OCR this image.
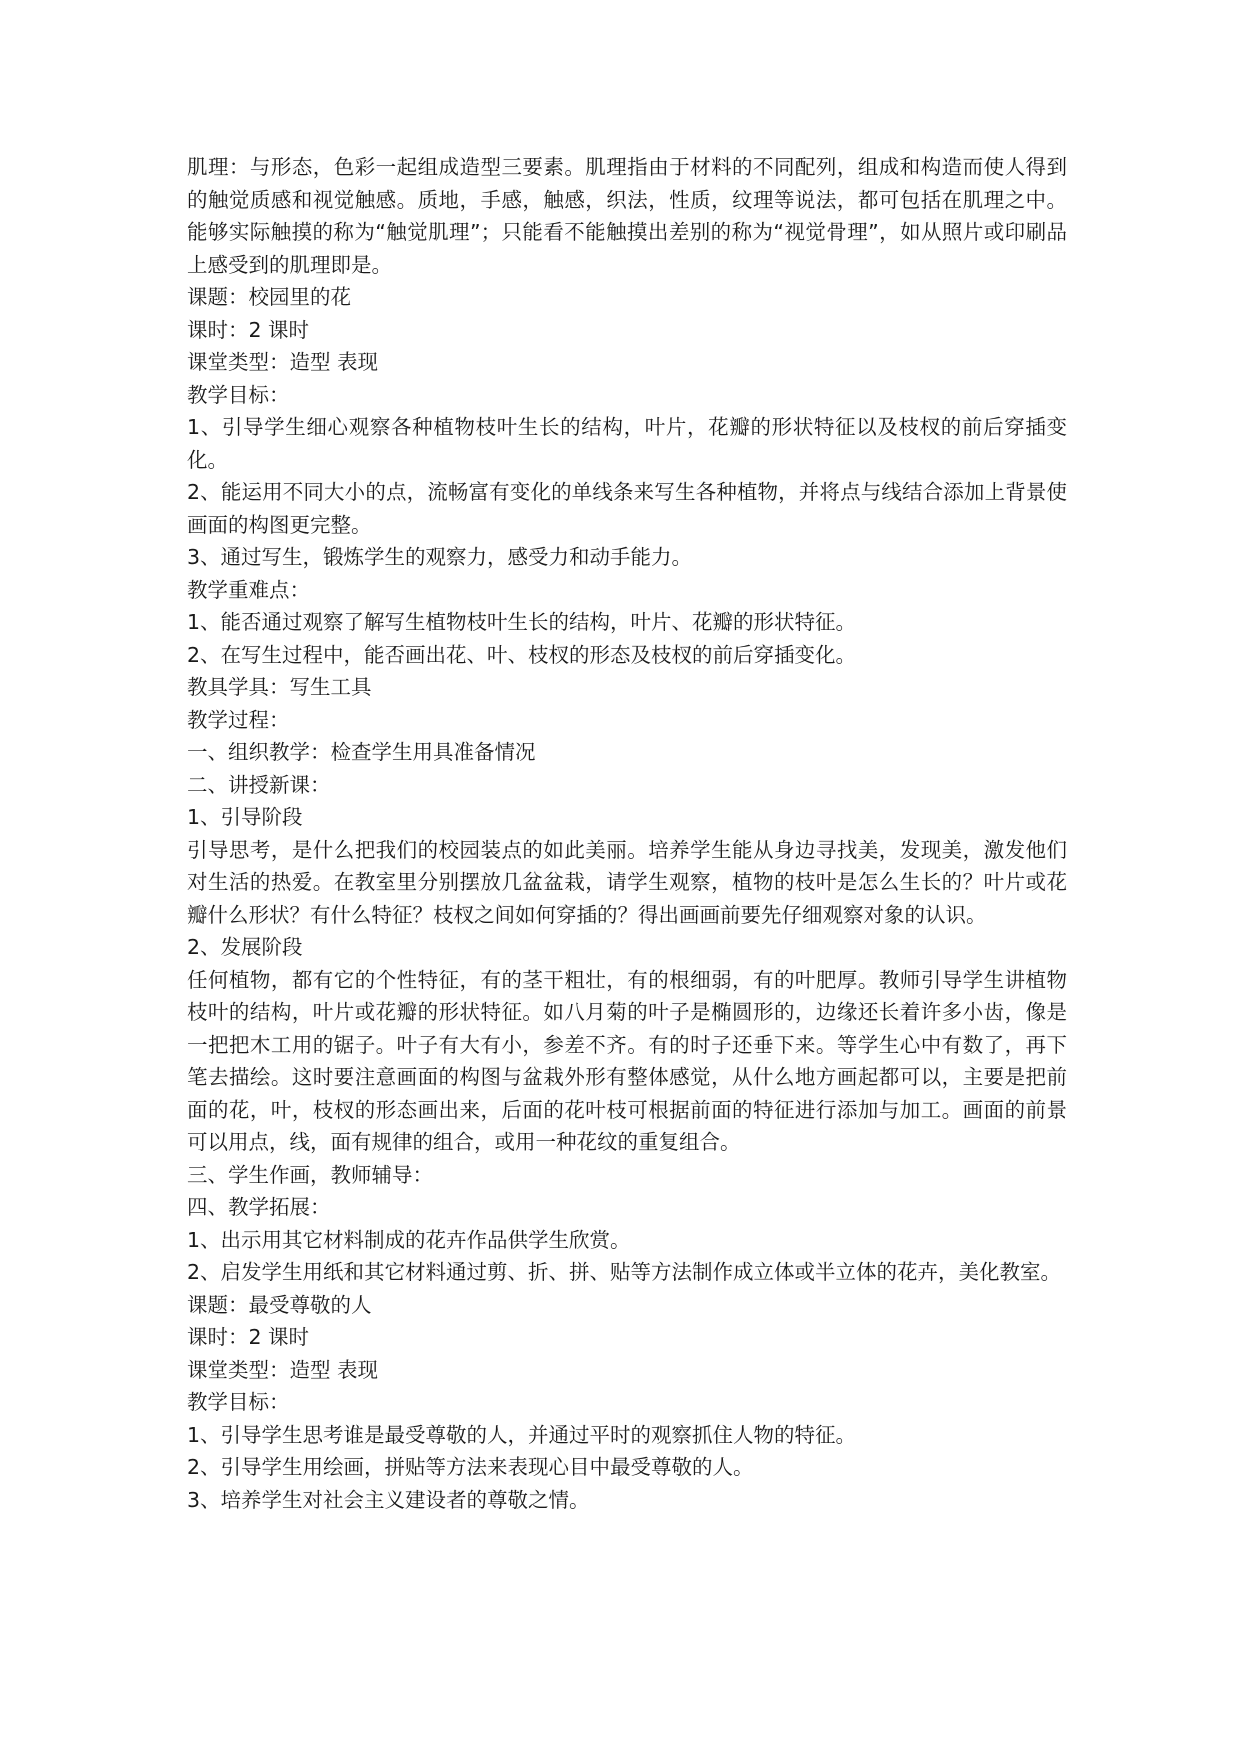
肌理：与形态，色彩一起组成造型三要素。肌理指由于材料的不同配列，组成和构造而使人得到的触觉质感和视觉触感。质地，手感，触感，织法，性质，纹理等说法，都可包括在肌理之中。能够实际触摸的称为“触觉肌理”；只能看不能触摸出差别的称为“视觉骨理”，如从照片或印刷品上感受到的肌理即是。

课题：校园里的花

课时：2 课时

课堂类型：造型 表现

教学目标：

1、引导学生细心观察各种植物枝叶生长的结构，叶片，花瓣的形状特征以及枝杈的前后穿插变化。

2、能运用不同大小的点，流畅富有变化的单线条来写生各种植物，并将点与线结合添加上背景使画面的构图更完整。

3、通过写生，锻炼学生的观察力，感受力和动手能力。

教学重难点：

1、能否通过观察了解写生植物枝叶生长的结构，叶片、花瓣的形状特征。

2、在写生过程中，能否画出花、叶、枝杈的形态及枝杈的前后穿插变化。

教具学具：写生工具

教学过程：

一、组织教学：检查学生用具准备情况

二、讲授新课：

1、引导阶段

引导思考，是什么把我们的校园装点的如此美丽。培养学生能从身边寻找美，发现美，激发他们对生活的热爱。在教室里分别摆放几盆盆栽，请学生观察，植物的枝叶是怎么生长的？叶片或花瓣什么形状？有什么特征？枝杈之间如何穿插的？得出画画前要先仔细观察对象的认识。

2、发展阶段

任何植物，都有它的个性特征，有的茎干粗壮，有的根细弱，有的叶肥厚。教师引导学生讲植物枝叶的结构，叶片或花瓣的形状特征。如八月菊的叶子是椭圆形的，边缘还长着许多小齿，像是一把把木工用的锯子。叶子有大有小，参差不齐。有的时子还垂下来。等学生心中有数了，再下笔去描绘。这时要注意画面的构图与盆栽外形有整体感觉，从什么地方画起都可以，主要是把前面的花，叶，枝杈的形态画出来，后面的花叶枝可根据前面的特征进行添加与加工。画面的前景可以用点，线，面有规律的组合，或用一种花纹的重复组合。

三、学生作画，教师辅导：

四、教学拓展：

1、出示用其它材料制成的花卉作品供学生欣赏。

2、启发学生用纸和其它材料通过剪、折、拼、贴等方法制作成立体或半立体的花卉，美化教室。

课题：最受尊敬的人

课时：2 课时

课堂类型：造型 表现

教学目标：

1、引导学生思考谁是最受尊敬的人，并通过平时的观察抓住人物的特征。

2、引导学生用绘画，拼贴等方法来表现心目中最受尊敬的人。

3、培养学生对社会主义建设者的尊敬之情。
